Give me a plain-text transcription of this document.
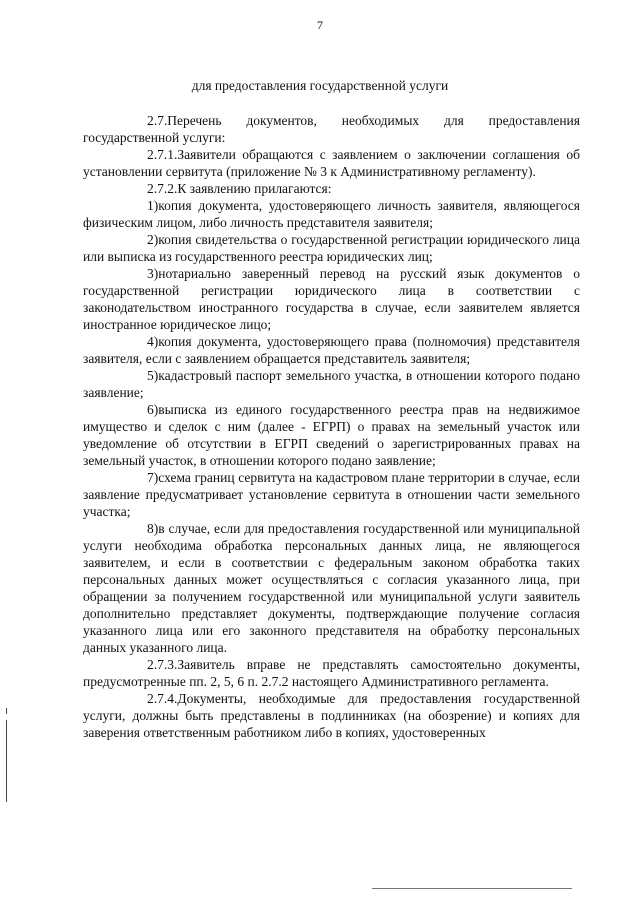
7
для предоставления государственной услуги

2.7.Перечень документов, необходимых для предоставления государственной услуги:

2.7.1.Заявители обращаются с заявлением о заключении соглашения об установлении сервитута (приложение № 3 к Административному регламенту).

2.7.2.К заявлению прилагаются:

1)копия документа, удостоверяющего личность заявителя, являющегося физическим лицом, либо личность представителя заявителя;

2)копия свидетельства о государственной регистрации юридического лица или выписка из государственного реестра юридических лиц;

3)нотариально заверенный перевод на русский язык документов о государственной регистрации юридического лица в соответствии с законодательством иностранного государства в случае, если заявителем является иностранное юридическое лицо;

4)копия документа, удостоверяющего права (полномочия) представителя заявителя, если с заявлением обращается представитель заявителя;

5)кадастровый паспорт земельного участка, в отношении которого подано заявление;

6)выписка из единого государственного реестра прав на недвижимое имущество и сделок с ним (далее - ЕГРП) о правах на земельный участок или уведомление об отсутствии в ЕГРП сведений о зарегистрированных правах на земельный участок, в отношении которого подано заявление;

7)схема границ сервитута на кадастровом плане территории в случае, если заявление предусматривает установление сервитута в отношении части земельного участка;

8)в случае, если для предоставления государственной или муниципальной услуги необходима обработка персональных данных лица, не являющегося заявителем, и если в соответствии с федеральным законом обработка таких персональных данных может осуществляться с согласия указанного лица, при обращении за получением государственной или муниципальной услуги заявитель дополнительно представляет документы, подтверждающие получение согласия указанного лица или его законного представителя на обработку персональных данных указанного лица.

2.7.3.Заявитель вправе не представлять самостоятельно документы, предусмотренные пп. 2, 5, 6 п. 2.7.2 настоящего Административного регламента.

2.7.4.Документы, необходимые для предоставления государственной услуги, должны быть представлены в подлинниках (на обозрение) и копиях для заверения ответственным работником либо в копиях, удостоверенных
